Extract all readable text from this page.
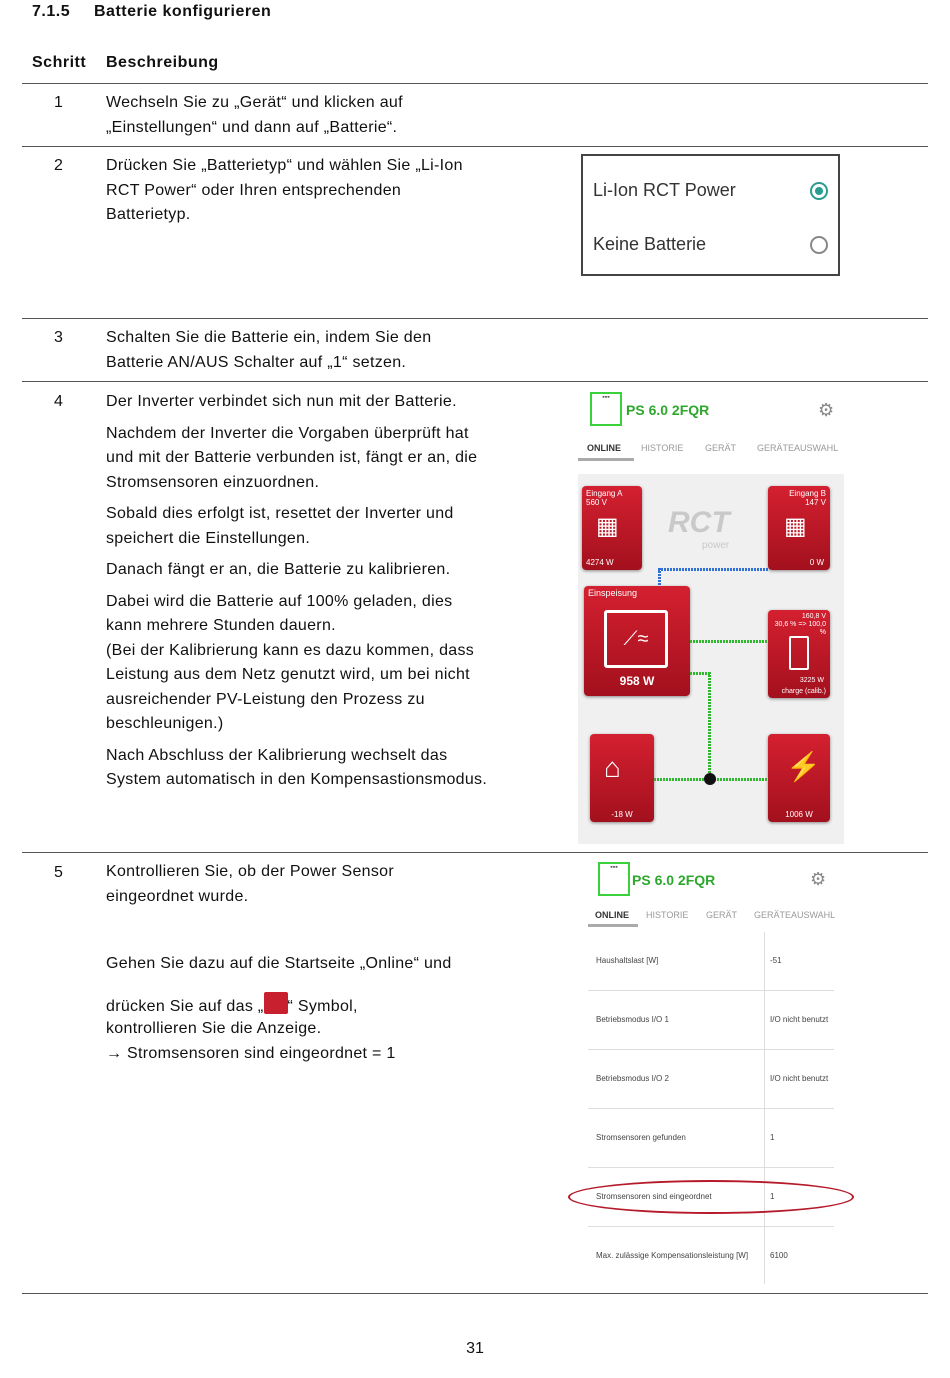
7.1.5 Batterie konfigurieren
Schritt Beschreibung
1	Wechseln Sie zu „Gerät“ und klicken auf
„Einstellungen“ und dann auf „Batterie“.
2	Drücken Sie „Batterietyp“ und wählen Sie „Li-Ion
RCT Power“ oder Ihren entsprechenden
Batterietyp.
Li-Ion RCT Power
Keine Batterie
3	Schalten Sie die Batterie ein, indem Sie den
Batterie AN/AUS Schalter auf „1“ setzen.
4	Der Inverter verbindet sich nun mit der Batterie.

Nachdem der Inverter die Vorgaben überprüft hat und mit der Batterie verbunden ist, fängt er an, die Stromsensoren einzuordnen.

Sobald dies erfolgt ist, resettet der Inverter und speichert die Einstellungen.

Danach fängt er an, die Batterie zu kalibrieren.

Dabei wird die Batterie auf 100% geladen, dies kann mehrere Stunden dauern.

(Bei der Kalibrierung kann es dazu kommen, dass Leistung aus dem Netz genutzt wird, um bei nicht ausreichender PV-Leistung den Prozess zu beschleunigen.)

Nach Abschluss der Kalibrierung wechselt das System automatisch in den Kompensastionsmodus.

▪▪▪
PS 6.0 2FQR	⚙
ONLINE HISTORIE GERÄT GERÄTEAUSWAHL
RCT
power
Eingang A
560 V
▦
4274 W
Eingang B
147 V
▦
0 W
Einspeisung
⟋≈
958 W
160,8 V
30,6 % => 100,0 %
3225 W
charge (calib.)
⌂
-18 W
⚡
1006 W
5	Kontrollieren Sie, ob der Power Sensor eingeordnet wurde.
Gehen Sie dazu auf die Startseite „Online“ und
drücken Sie auf das „ “ Symbol,
kontrollieren Sie die Anzeige.
→ Stromsensoren sind eingeordnet = 1
▪▪▪
PS 6.0 2FQR	⚙
ONLINE HISTORIE GERÄT GERÄTEAUSWAHL
Haushaltslast [W]	-51
Betriebsmodus I/O 1	I/O nicht benutzt
Betriebsmodus I/O 2	I/O nicht benutzt
Stromsensoren gefunden	1
Stromsensoren sind eingeordnet	1
Max. zulässige Kompensationsleistung [W]	6100
31
